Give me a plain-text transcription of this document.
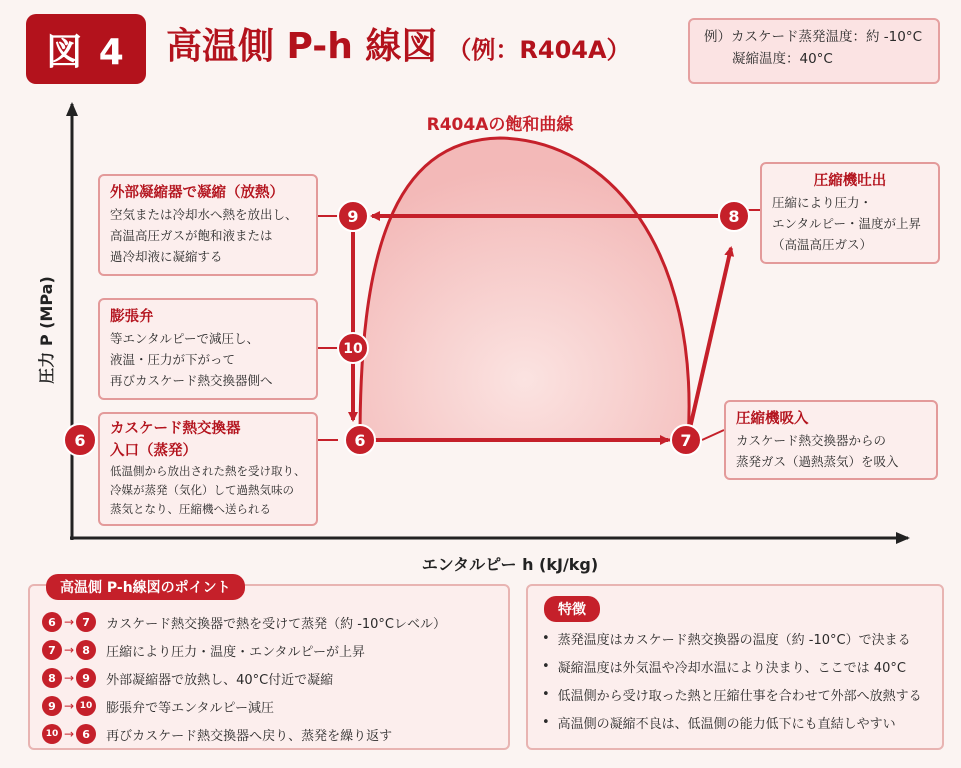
図 4	高温側 P-h 線図 （例：R404A）	例）カスケード蒸発温度：約 -10°C
凝縮温度：40°C
R404Aの飽和曲線
エンタルピー h (kJ/kg)
圧力 P (MPa)
9
10
6	7
8
6
外部凝縮器で凝縮（放熱）
空気または冷却水へ熱を放出し、
高温高圧ガスが飽和液または
過冷却液に凝縮する
膨張弁
等エンタルピーで減圧し、
液温・圧力が下がって
再びカスケード熱交換器側へ
カスケード熱交換器
入口（蒸発）
低温側から放出された熱を受け取り、
冷媒が蒸発（気化）して過熱気味の
蒸気となり、圧縮機へ送られる
圧縮機吐出
圧縮により圧力・
エンタルピー・温度が上昇
（高温高圧ガス）
圧縮機吸入
カスケード熱交換器からの
蒸発ガス（過熱蒸気）を吸入
高温側 P-h線図のポイント
6 → 7	カスケード熱交換器で熱を受けて蒸発（約 -10°Cレベル）
7 → 8	圧縮により圧力・温度・エンタルピーが上昇
8 → 9	外部凝縮器で放熱し、40°C付近で凝縮
9 → 10 膨張弁で等エンタルピー減圧
10 → 6	再びカスケード熱交換器へ戻り、蒸発を繰り返す
特徴
• 蒸発温度はカスケード熱交換器の温度（約 -10°C）で決まる
• 凝縮温度は外気温や冷却水温により決まり、ここでは 40°C
• 低温側から受け取った熱と圧縮仕事を合わせて外部へ放熱する
• 高温側の凝縮不良は、低温側の能力低下にも直結しやすい
